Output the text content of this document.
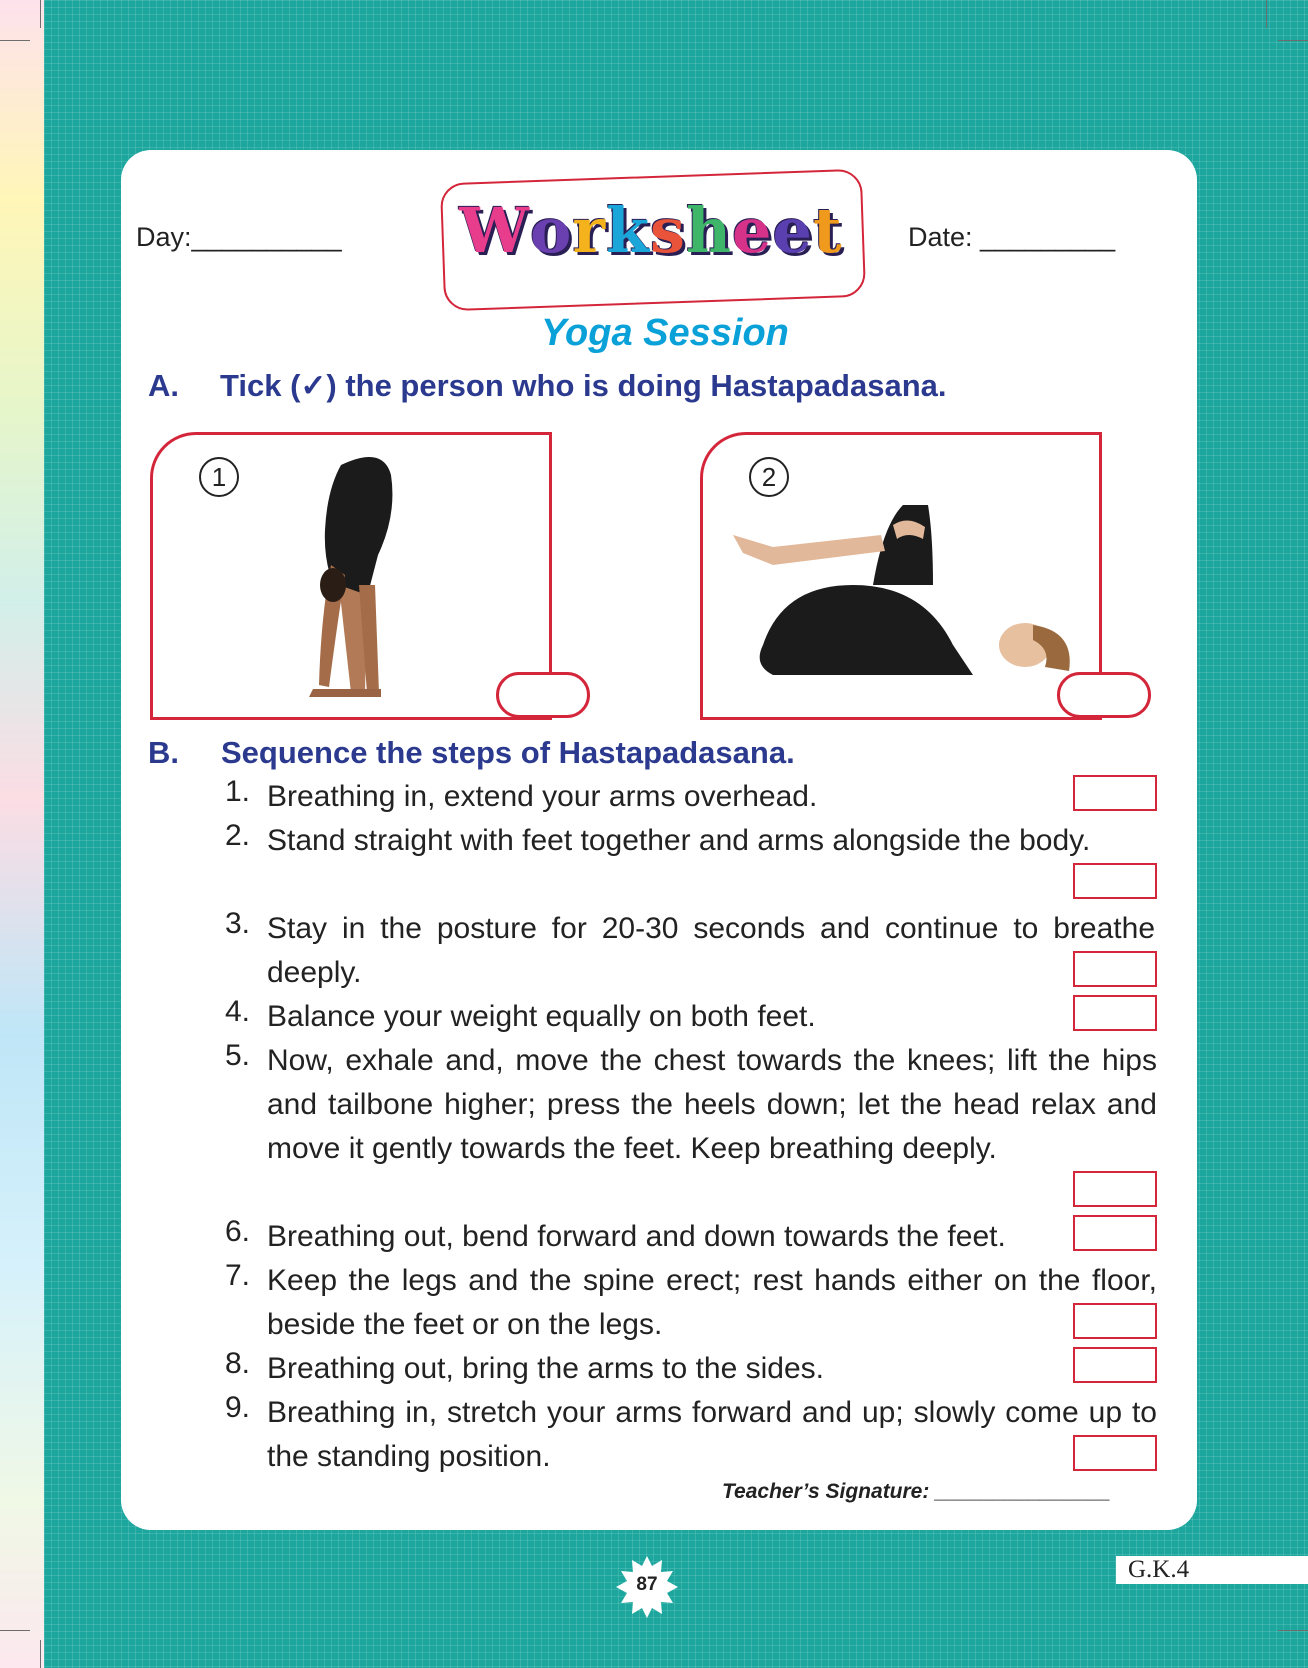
Day:__________	Date: _________
Worksheet
Yoga Session
A. Tick (✓) the person who is doing Hastapadasana.
1	2
B. Sequence the steps of Hastapadasana.
1. Breathing in, extend your arms overhead.
2. Stand straight with feet together and arms alongside the body.
3. Stay in the posture for 20-30 seconds and continue to breathe deeply.
4. Balance your weight equally on both feet.
5. Now, exhale and, move the chest towards the knees; lift the hips and tailbone higher; press the heels down; let the head relax and move it gently towards the feet. Keep breathing deeply.
6. Breathing out, bend forward and down towards the feet.
7. Keep the legs and the spine erect; rest hands either on the floor, beside the feet or on the legs.
8. Breathing out, bring the arms to the sides.
9. Breathing in, stretch your arms forward and up; slowly come up to the standing position.
Teacher’s Signature: _______________
87
G.K.4
